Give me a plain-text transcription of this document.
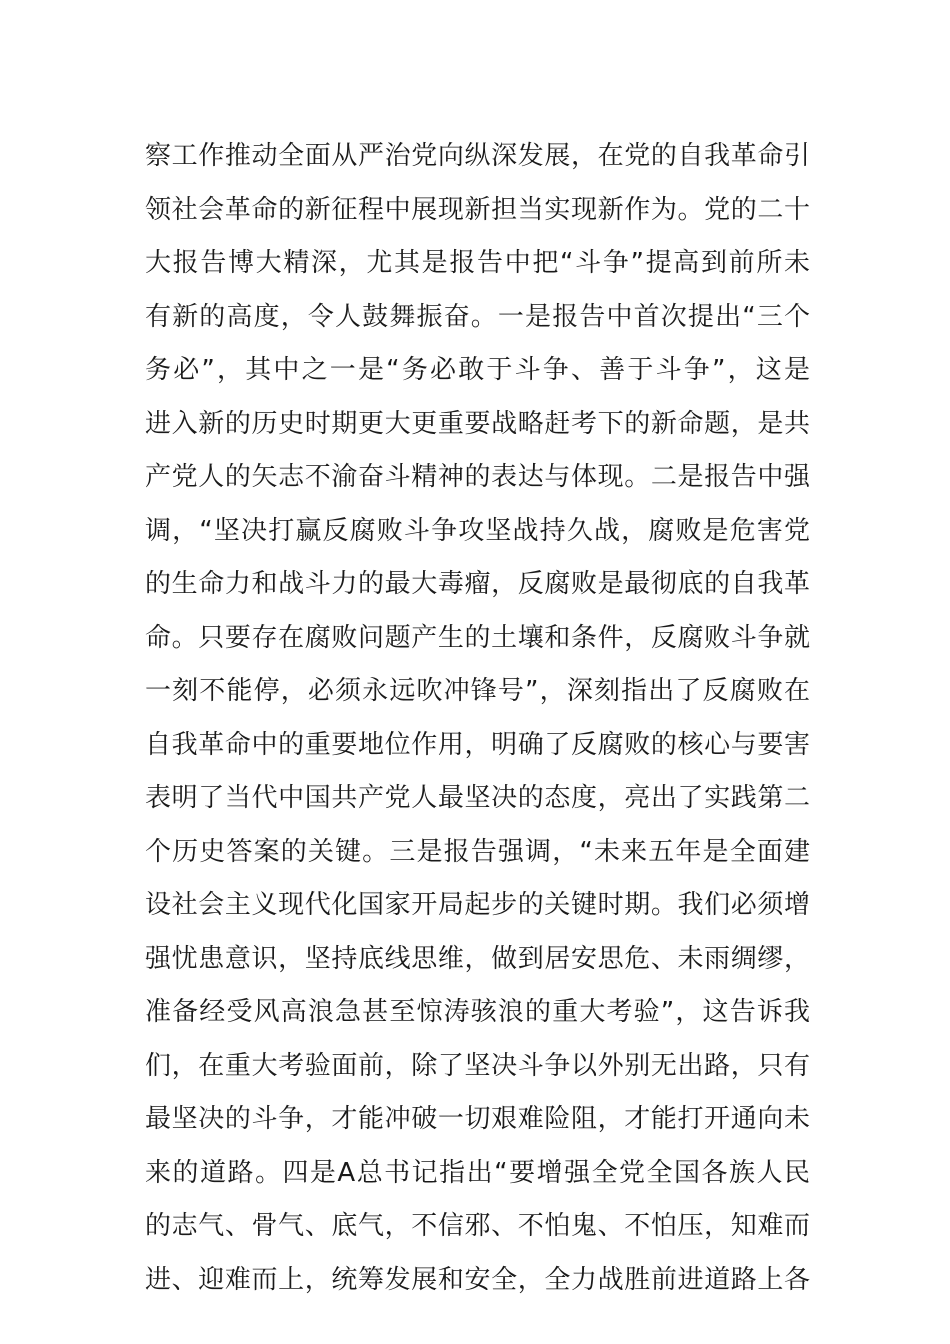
察工作推动全面从严治党向纵深发展，在党的自我革命引
领社会革命的新征程中展现新担当实现新作为。党的二十
大报告博大精深，尤其是报告中把“斗争”提高到前所未
有新的高度，令人鼓舞振奋。一是报告中首次提出“三个
务必”，其中之一是“务必敢于斗争、善于斗争”，这是
进入新的历史时期更大更重要战略赶考下的新命题，是共
产党人的矢志不渝奋斗精神的表达与体现。二是报告中强
调，“坚决打赢反腐败斗争攻坚战持久战，腐败是危害党
的生命力和战斗力的最大毒瘤，反腐败是最彻底的自我革
命。只要存在腐败问题产生的土壤和条件，反腐败斗争就
一刻不能停，必须永远吹冲锋号”，深刻指出了反腐败在
自我革命中的重要地位作用，明确了反腐败的核心与要害
表明了当代中国共产党人最坚决的态度，亮出了实践第二
个历史答案的关键。三是报告强调，“未来五年是全面建
设社会主义现代化国家开局起步的关键时期。我们必须增
强忧患意识，坚持底线思维，做到居安思危、未雨绸缪，
准备经受风高浪急甚至惊涛骇浪的重大考验”，这告诉我
们，在重大考验面前，除了坚决斗争以外别无出路，只有
最坚决的斗争，才能冲破一切艰难险阻，才能打开通向未
来的道路。四是A总书记指出“要增强全党全国各族人民
的志气、骨气、底气，不信邪、不怕鬼、不怕压，知难而
进、迎难而上，统筹发展和安全，全力战胜前进道路上各
